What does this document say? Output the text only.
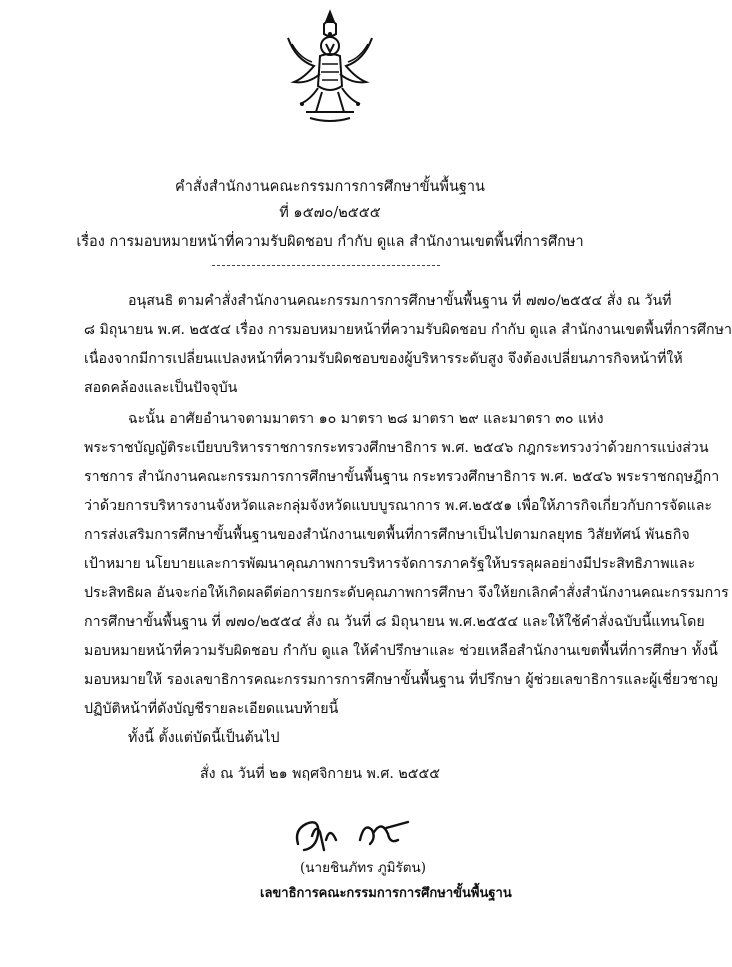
คำสั่งสำนักงานคณะกรรมการการศึกษาขั้นพื้นฐาน
ที่ ๑๕๗๐/๒๕๕๕
เรื่อง การมอบหมายหน้าที่ความรับผิดชอบ กำกับ ดูแล สำนักงานเขตพื้นที่การศึกษา
อนุสนธิ ตามคำสั่งสำนักงานคณะกรรมการการศึกษาขั้นพื้นฐาน ที่ ๗๗๐/๒๕๕๔ สั่ง ณ วันที่
๘ มิถุนายน พ.ศ. ๒๕๕๔ เรื่อง การมอบหมายหน้าที่ความรับผิดชอบ กำกับ ดูแล สำนักงานเขตพื้นที่การศึกษา
เนื่องจากมีการเปลี่ยนแปลงหน้าที่ความรับผิดชอบของผู้บริหารระดับสูง จึงต้องเปลี่ยนภารกิจหน้าที่ให้
สอดคล้องและเป็นปัจจุบัน
ฉะนั้น อาศัยอำนาจตามมาตรา ๑๐ มาตรา ๒๘ มาตรา ๒๙ และมาตรา ๓๐ แห่ง
พระราชบัญญัติระเบียบบริหารราชการกระทรวงศึกษาธิการ พ.ศ. ๒๕๔๖ กฎกระทรวงว่าด้วยการแบ่งส่วน
ราชการ สำนักงานคณะกรรมการการศึกษาขั้นพื้นฐาน กระทรวงศึกษาธิการ พ.ศ. ๒๕๔๖ พระราชกฤษฎีกา
ว่าด้วยการบริหารงานจังหวัดและกลุ่มจังหวัดแบบบูรณาการ พ.ศ.๒๕๕๑ เพื่อให้ภารกิจเกี่ยวกับการจัดและ
การส่งเสริมการศึกษาขั้นพื้นฐานของสำนักงานเขตพื้นที่การศึกษาเป็นไปตามกลยุทธ วิสัยทัศน์ พันธกิจ
เป้าหมาย นโยบายและการพัฒนาคุณภาพการบริหารจัดการภาครัฐให้บรรลุผลอย่างมีประสิทธิภาพและ
ประสิทธิผล อันจะก่อให้เกิดผลดีต่อการยกระดับคุณภาพการศึกษา จึงให้ยกเลิกคำสั่งสำนักงานคณะกรรมการ
การศึกษาขั้นพื้นฐาน ที่ ๗๗๐/๒๕๕๔ สั่ง ณ วันที่ ๘ มิถุนายน พ.ศ.๒๕๕๔ และให้ใช้คำสั่งฉบับนี้แทนโดย
มอบหมายหน้าที่ความรับผิดชอบ กำกับ ดูแล ให้คำปรึกษาและ ช่วยเหลือสำนักงานเขตพื้นที่การศึกษา ทั้งนี้
มอบหมายให้ รองเลขาธิการคณะกรรมการการศึกษาขั้นพื้นฐาน ที่ปรึกษา ผู้ช่วยเลขาธิการและผู้เชี่ยวชาญ
ปฏิบัติหน้าที่ดังบัญชีรายละเอียดแนบท้ายนี้
ทั้งนี้ ตั้งแต่บัดนี้เป็นต้นไป
สั่ง ณ วันที่ ๒๑ พฤศจิกายน พ.ศ. ๒๕๕๕
(นายชินภัทร ภูมิรัตน)
เลขาธิการคณะกรรมการการศึกษาขั้นพื้นฐาน
